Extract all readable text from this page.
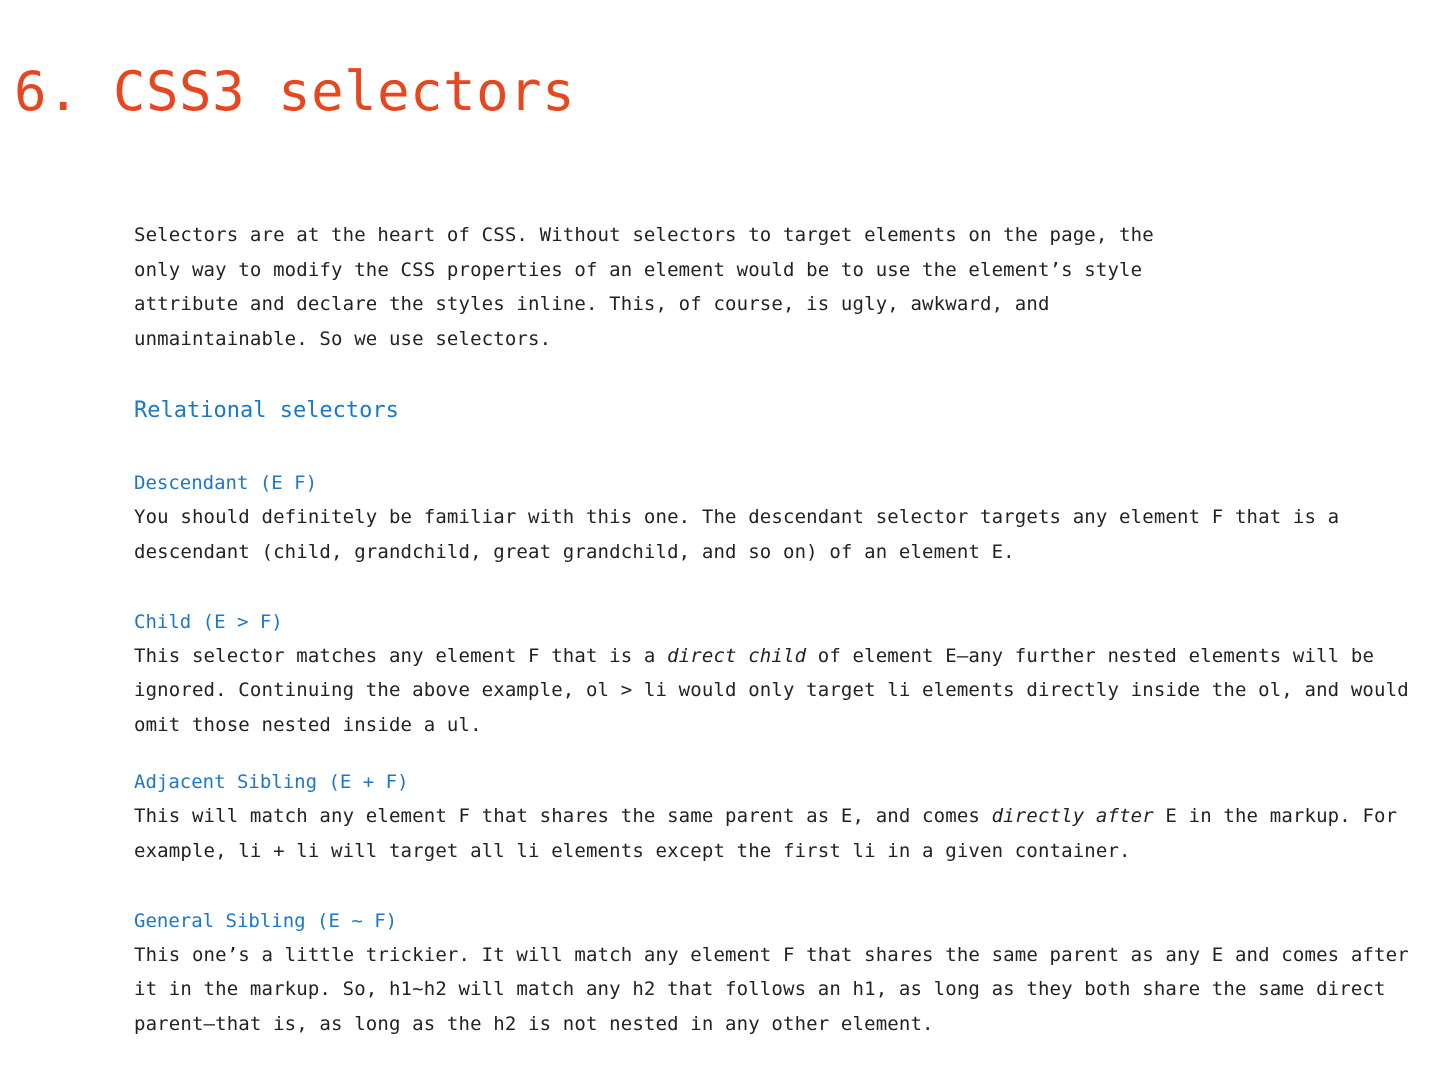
6. CSS3 selectors

Selectors are at the heart of CSS. Without selectors to target elements on the page, the only way to modify the CSS properties of an element would be to use the element’s style attribute and declare the styles inline. This, of course, is ugly, awkward, and unmaintainable. So we use selectors.

Relational selectors
Descendant (E F)

You should definitely be familiar with this one. The descendant selector targets any element F that is a descendant (child, grandchild, great grandchild, and so on) of an element E.

Child (E > F)

This selector matches any element F that is a direct child of element E—any further nested elements will be ignored. Continuing the above example, ol > li would only target li elements directly inside the ol, and would omit those nested inside a ul.

Adjacent Sibling (E + F)

This will match any element F that shares the same parent as E, and comes directly after E in the markup. For example, li + li will target all li elements except the first li in a given container.

General Sibling (E ~ F)

This one’s a little trickier. It will match any element F that shares the same parent as any E and comes after it in the markup. So, h1~h2 will match any h2 that follows an h1, as long as they both share the same direct parent—that is, as long as the h2 is not nested in any other element.
